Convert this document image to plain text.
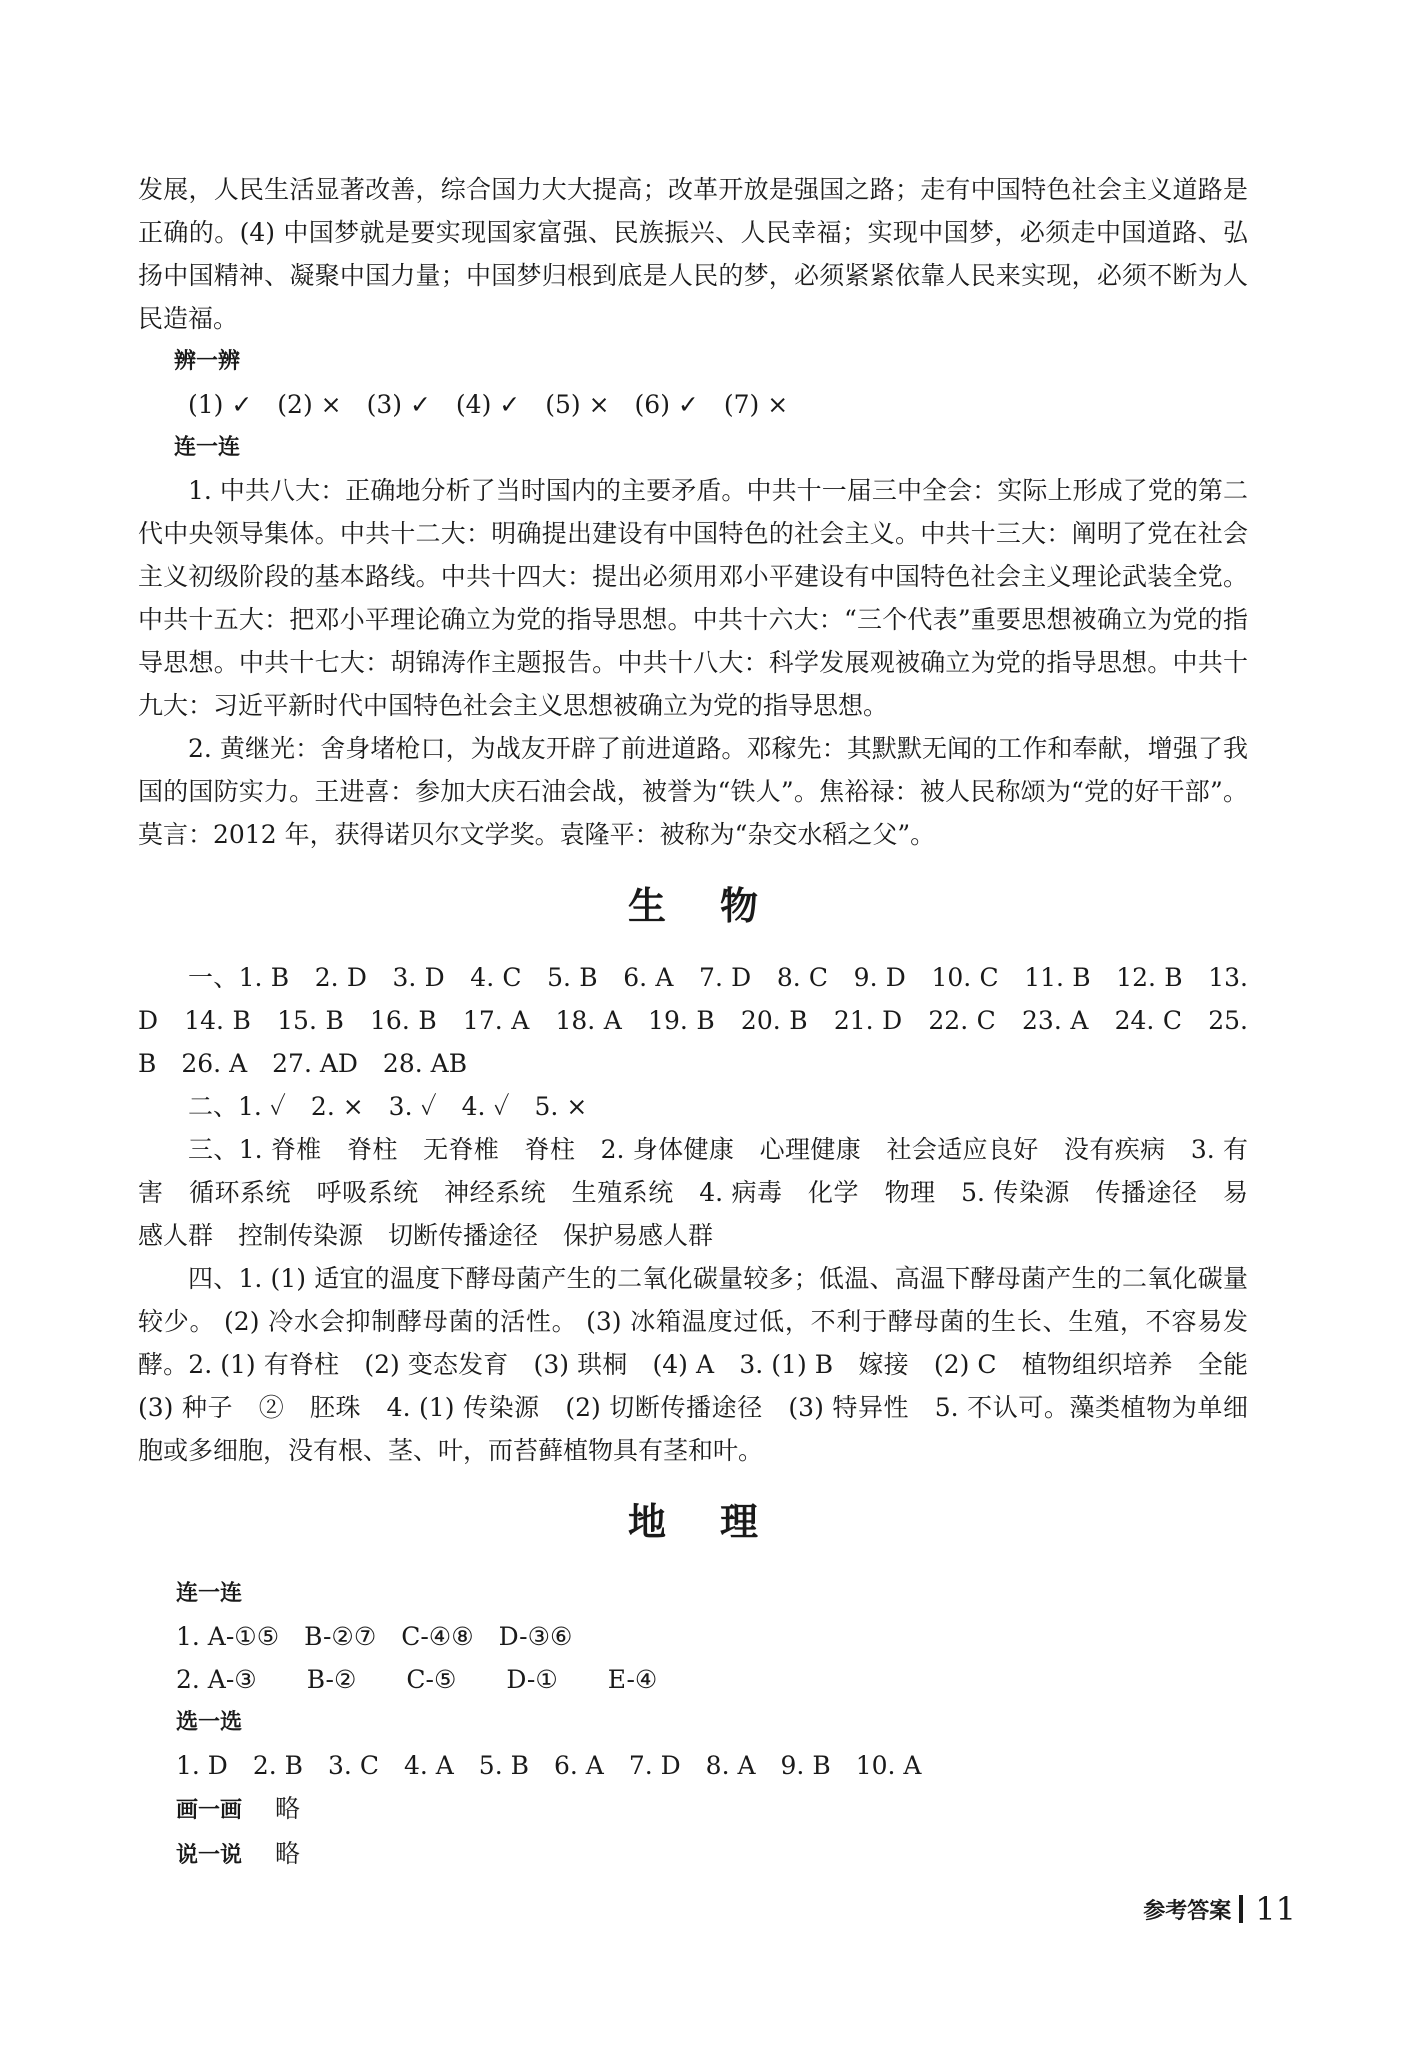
发展，人民生活显著改善，综合国力大大提高；改革开放是强国之路；走有中国特色社会主义道路是正确的。(4) 中国梦就是要实现国家富强、民族振兴、人民幸福；实现中国梦，必须走中国道路、弘扬中国精神、凝聚中国力量；中国梦归根到底是人民的梦，必须紧紧依靠人民来实现，必须不断为人民造福。

辨一辨

(1) ✓　(2) ×　(3) ✓　(4) ✓　(5) ×　(6) ✓　(7) ×

连一连

1. 中共八大：正确地分析了当时国内的主要矛盾。中共十一届三中全会：实际上形成了党的第二代中央领导集体。中共十二大：明确提出建设有中国特色的社会主义。中共十三大：阐明了党在社会主义初级阶段的基本路线。中共十四大：提出必须用邓小平建设有中国特色社会主义理论武装全党。中共十五大：把邓小平理论确立为党的指导思想。中共十六大：“三个代表”重要思想被确立为党的指导思想。中共十七大：胡锦涛作主题报告。中共十八大：科学发展观被确立为党的指导思想。中共十九大：习近平新时代中国特色社会主义思想被确立为党的指导思想。

2. 黄继光：舍身堵枪口，为战友开辟了前进道路。邓稼先：其默默无闻的工作和奉献，增强了我国的国防实力。王进喜：参加大庆石油会战，被誉为“铁人”。焦裕禄：被人民称颂为“党的好干部”。莫言：2012 年，获得诺贝尔文学奖。袁隆平：被称为“杂交水稻之父”。

生物

一、1. B　2. D　3. D　4. C　5. B　6. A　7. D　8. C　9. D　10. C　11. B　12. B　13. D　14. B　15. B　16. B　17. A　18. A　19. B　20. B　21. D　22. C　23. A　24. C　25. B　26. A　27. AD　28. AB

二、1. ✓　2. ×　3. ✓　4. ✓　5. ×

三、1. 脊椎　脊柱　无脊椎　脊柱　2. 身体健康　心理健康　社会适应良好　没有疾病　3. 有害　循环系统　呼吸系统　神经系统　生殖系统　4. 病毒　化学　物理　5. 传染源　传播途径　易感人群　控制传染源　切断传播途径　保护易感人群

四、1. (1) 适宜的温度下酵母菌产生的二氧化碳量较多；低温、高温下酵母菌产生的二氧化碳量较少。 (2) 冷水会抑制酵母菌的活性。 (3) 冰箱温度过低，不利于酵母菌的生长、生殖，不容易发酵。2. (1) 有脊柱　(2) 变态发育　(3) 珙桐　(4) A　3. (1) B　嫁接　(2) C　植物组织培养　全能　(3) 种子　②　胚珠　4. (1) 传染源　(2) 切断传播途径　(3) 特异性　5. 不认可。藻类植物为单细胞或多细胞，没有根、茎、叶，而苔藓植物具有茎和叶。

地理

连一连

1. A-①⑤　B-②⑦　C-④⑧　D-③⑥

2. A-③　　B-②　　C-⑤　　D-①　　E-④

选一选

1. D　2. B　3. C　4. A　5. B　6. A　7. D　8. A　9. B　10. A

画一画　 略

说一说　 略

参考答案 11
